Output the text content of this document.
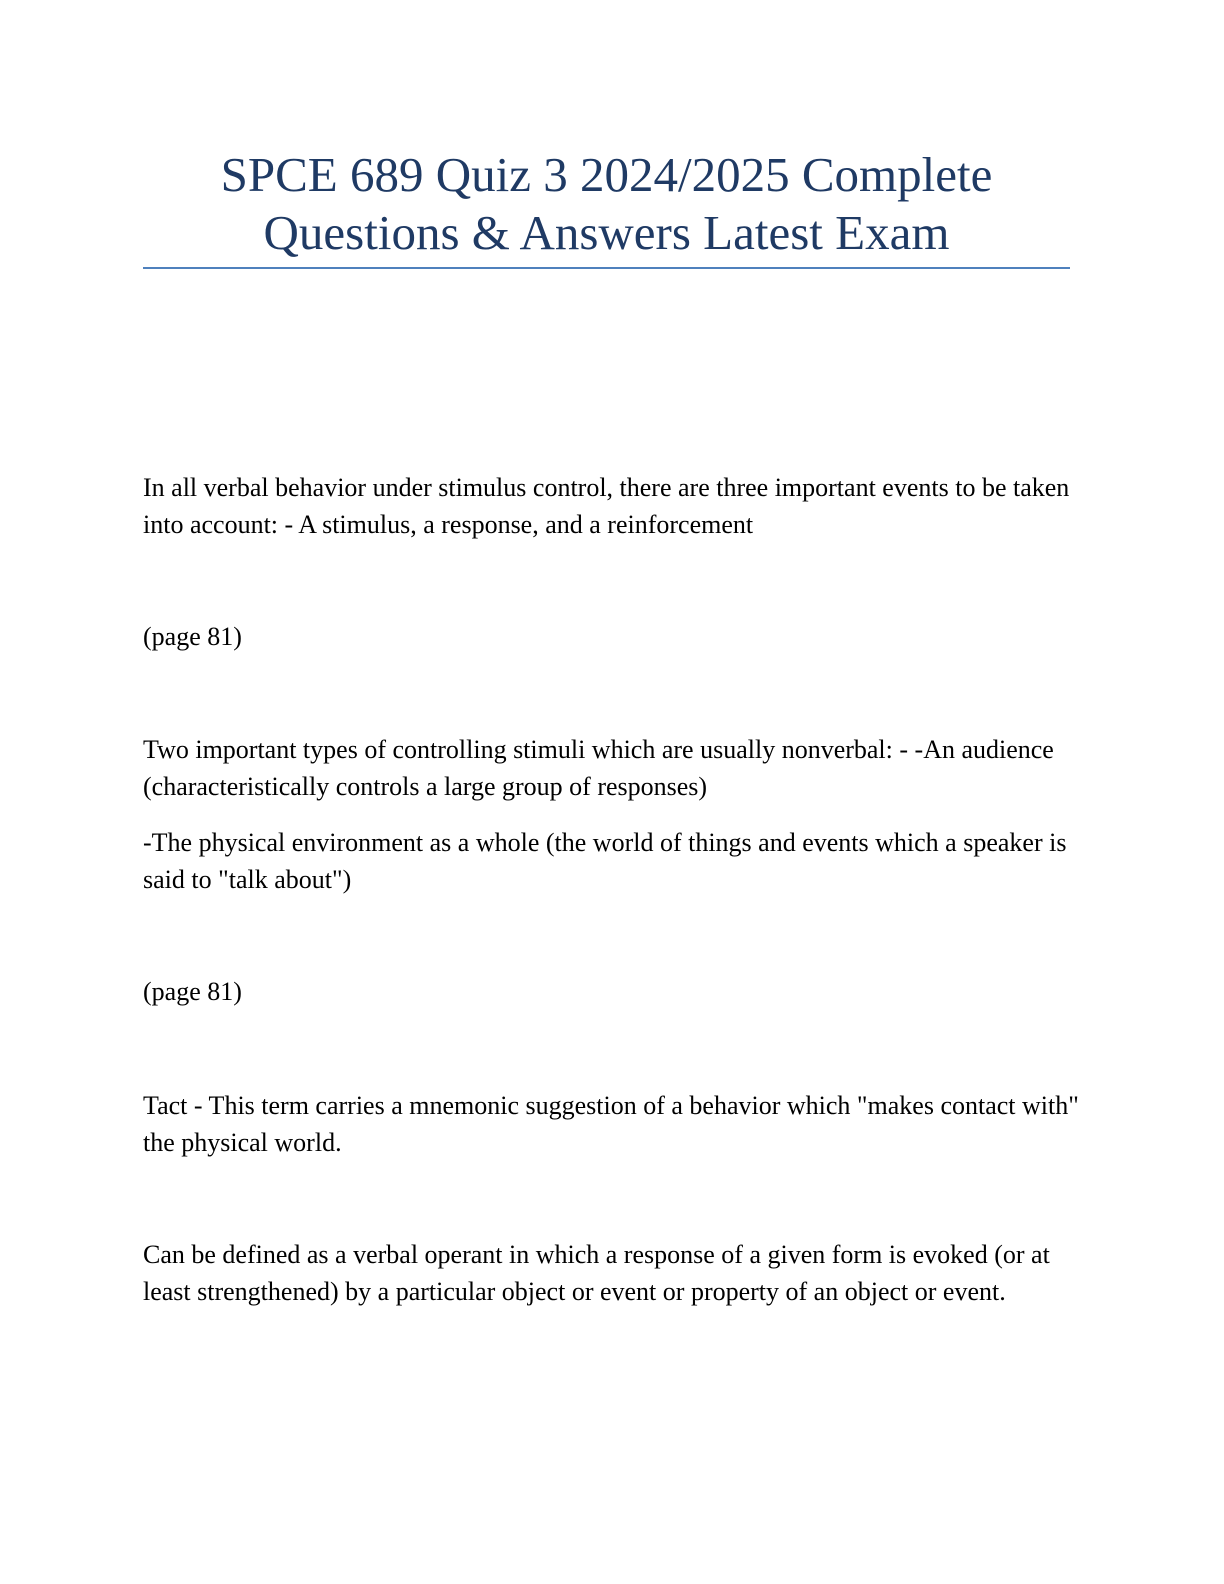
SPCE 689 Quiz 3 2024/2025 Complete
Questions & Answers Latest Exam

In all verbal behavior under stimulus control, there are three important events to be taken into account: - A stimulus, a response, and a reinforcement

(page 81)

Two important types of controlling stimuli which are usually nonverbal: - -An audience (characteristically controls a large group of responses)

-The physical environment as a whole (the world of things and events which a speaker is said to "talk about")

(page 81)

Tact - This term carries a mnemonic suggestion of a behavior which "makes contact with" the physical world.

Can be defined as a verbal operant in which a response of a given form is evoked (or at least strengthened) by a particular object or event or property of an object or event.
